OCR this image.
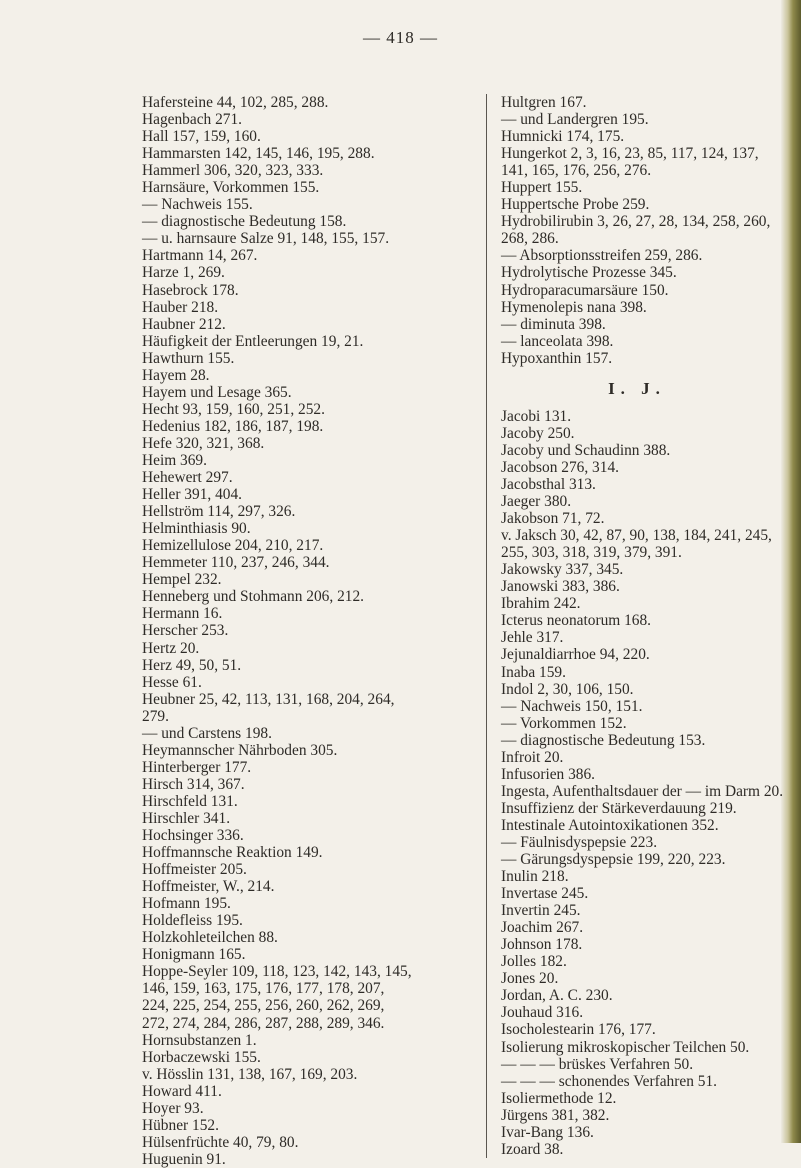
— 418 —
Hafersteine 44, 102, 285, 288.
Hagenbach 271.
Hall 157, 159, 160.
Hammarsten 142, 145, 146, 195, 288.
Hammerl 306, 320, 323, 333.
Harnsäure, Vorkommen 155.
— Nachweis 155.
— diagnostische Bedeutung 158.
— u. harnsaure Salze 91, 148, 155, 157.
Hartmann 14, 267.
Harze 1, 269.
Hasebrock 178.
Hauber 218.
Haubner 212.
Häufigkeit der Entleerungen 19, 21.
Hawthurn 155.
Hayem 28.
Hayem und Lesage 365.
Hecht 93, 159, 160, 251, 252.
Hedenius 182, 186, 187, 198.
Hefe 320, 321, 368.
Heim 369.
Hehewert 297.
Heller 391, 404.
Hellström 114, 297, 326.
Helminthiasis 90.
Hemizellulose 204, 210, 217.
Hemmeter 110, 237, 246, 344.
Hempel 232.
Henneberg und Stohmann 206, 212.
Hermann 16.
Herscher 253.
Hertz 20.
Herz 49, 50, 51.
Hesse 61.
Heubner 25, 42, 113, 131, 168, 204, 264,
279.
— und Carstens 198.
Heymannscher Nährboden 305.
Hinterberger 177.
Hirsch 314, 367.
Hirschfeld 131.
Hirschler 341.
Hochsinger 336.
Hoffmannsche Reaktion 149.
Hoffmeister 205.
Hoffmeister, W., 214.
Hofmann 195.
Holdefleiss 195.
Holzkohleteilchen 88.
Honigmann 165.
Hoppe-Seyler 109, 118, 123, 142, 143, 145,
146, 159, 163, 175, 176, 177, 178, 207,
224, 225, 254, 255, 256, 260, 262, 269,
272, 274, 284, 286, 287, 288, 289, 346.
Hornsubstanzen 1.
Horbaczewski 155.
v. Hösslin 131, 138, 167, 169, 203.
Howard 411.
Hoyer 93.
Hübner 152.
Hülsenfrüchte 40, 79, 80.
Huguenin 91.
Hultgren 167.
— und Landergren 195.
Humnicki 174, 175.
Hungerkot 2, 3, 16, 23, 85, 117, 124, 137,
141, 165, 176, 256, 276.
Huppert 155.
Huppertsche Probe 259.
Hydrobilirubin 3, 26, 27, 28, 134, 258, 260,
268, 286.
— Absorptionsstreifen 259, 286.
Hydrolytische Prozesse 345.
Hydroparacumarsäure 150.
Hymenolepis nana 398.
— diminuta 398.
— lanceolata 398.
Hypoxanthin 157.
I. J.
Jacobi 131.
Jacoby 250.
Jacoby und Schaudinn 388.
Jacobson 276, 314.
Jacobsthal 313.
Jaeger 380.
Jakobson 71, 72.
v. Jaksch 30, 42, 87, 90, 138, 184, 241, 245,
255, 303, 318, 319, 379, 391.
Jakowsky 337, 345.
Janowski 383, 386.
Ibrahim 242.
Icterus neonatorum 168.
Jehle 317.
Jejunaldiarrhoe 94, 220.
Inaba 159.
Indol 2, 30, 106, 150.
— Nachweis 150, 151.
— Vorkommen 152.
— diagnostische Bedeutung 153.
Infroit 20.
Infusorien 386.
Ingesta, Aufenthaltsdauer der — im Darm 20.
Insuffizienz der Stärkeverdauung 219.
Intestinale Autointoxikationen 352.
— Fäulnisdyspepsie 223.
— Gärungsdyspepsie 199, 220, 223.
Inulin 218.
Invertase 245.
Invertin 245.
Joachim 267.
Johnson 178.
Jolles 182.
Jones 20.
Jordan, A. C. 230.
Jouhaud 316.
Isocholestearin 176, 177.
Isolierung mikroskopischer Teilchen 50.
— — — brüskes Verfahren 50.
— — — schonendes Verfahren 51.
Isoliermethode 12.
Jürgens 381, 382.
Ivar-Bang 136.
Izoard 38.
